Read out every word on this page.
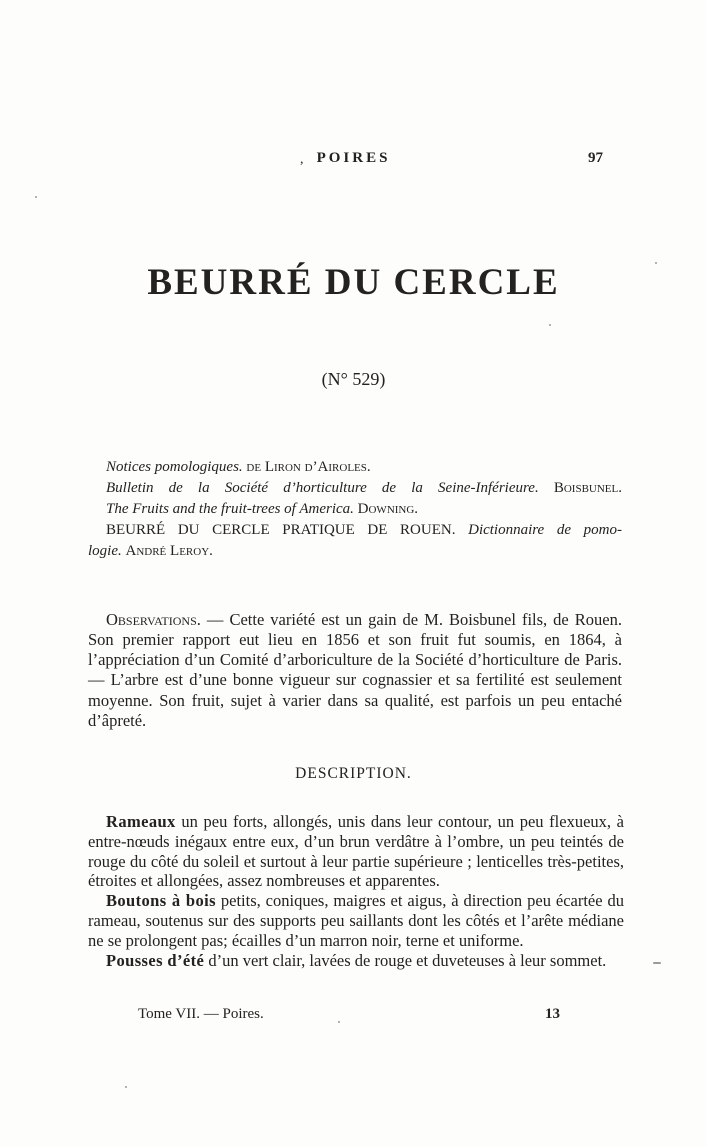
, POIRES	97
BEURRÉ DU CERCLE
(N° 529)
Notices pomologiques. de Liron d’Airoles.
Bulletin de la Société d’horticulture de la Seine-Inférieure. Boisbunel.
The Fruits and the fruit-trees of America. Downing.
BEURRÉ DU CERCLE PRATIQUE DE ROUEN. Dictionnaire de pomo-
logie. André Leroy.

Observations. — Cette variété est un gain de M. Boisbunel fils, de Rouen. Son premier rapport eut lieu en 1856 et son fruit fut soumis, en 1864, à l’appréciation d’un Comité d’arboriculture de la Société d’horticulture de Paris. — L’arbre est d’une bonne vigueur sur cognassier et sa fertilité est seulement moyenne. Son fruit, sujet à varier dans sa qualité, est parfois un peu entaché d’âpreté.

DESCRIPTION.

Rameaux un peu forts, allongés, unis dans leur contour, un peu flexueux, à entre-nœuds inégaux entre eux, d’un brun verdâtre à l’ombre, un peu teintés de rouge du côté du soleil et surtout à leur partie supérieure ; lenticelles très-petites, étroites et allongées, assez nombreuses et apparentes.

Boutons à bois petits, coniques, maigres et aigus, à direction peu écartée du rameau, soutenus sur des supports peu saillants dont les côtés et l’arête médiane ne se prolongent pas; écailles d’un marron noir, terne et uniforme.

Pousses d’été d’un vert clair, lavées de rouge et duveteuses à leur sommet.

Tome VII. — Poires.	13
